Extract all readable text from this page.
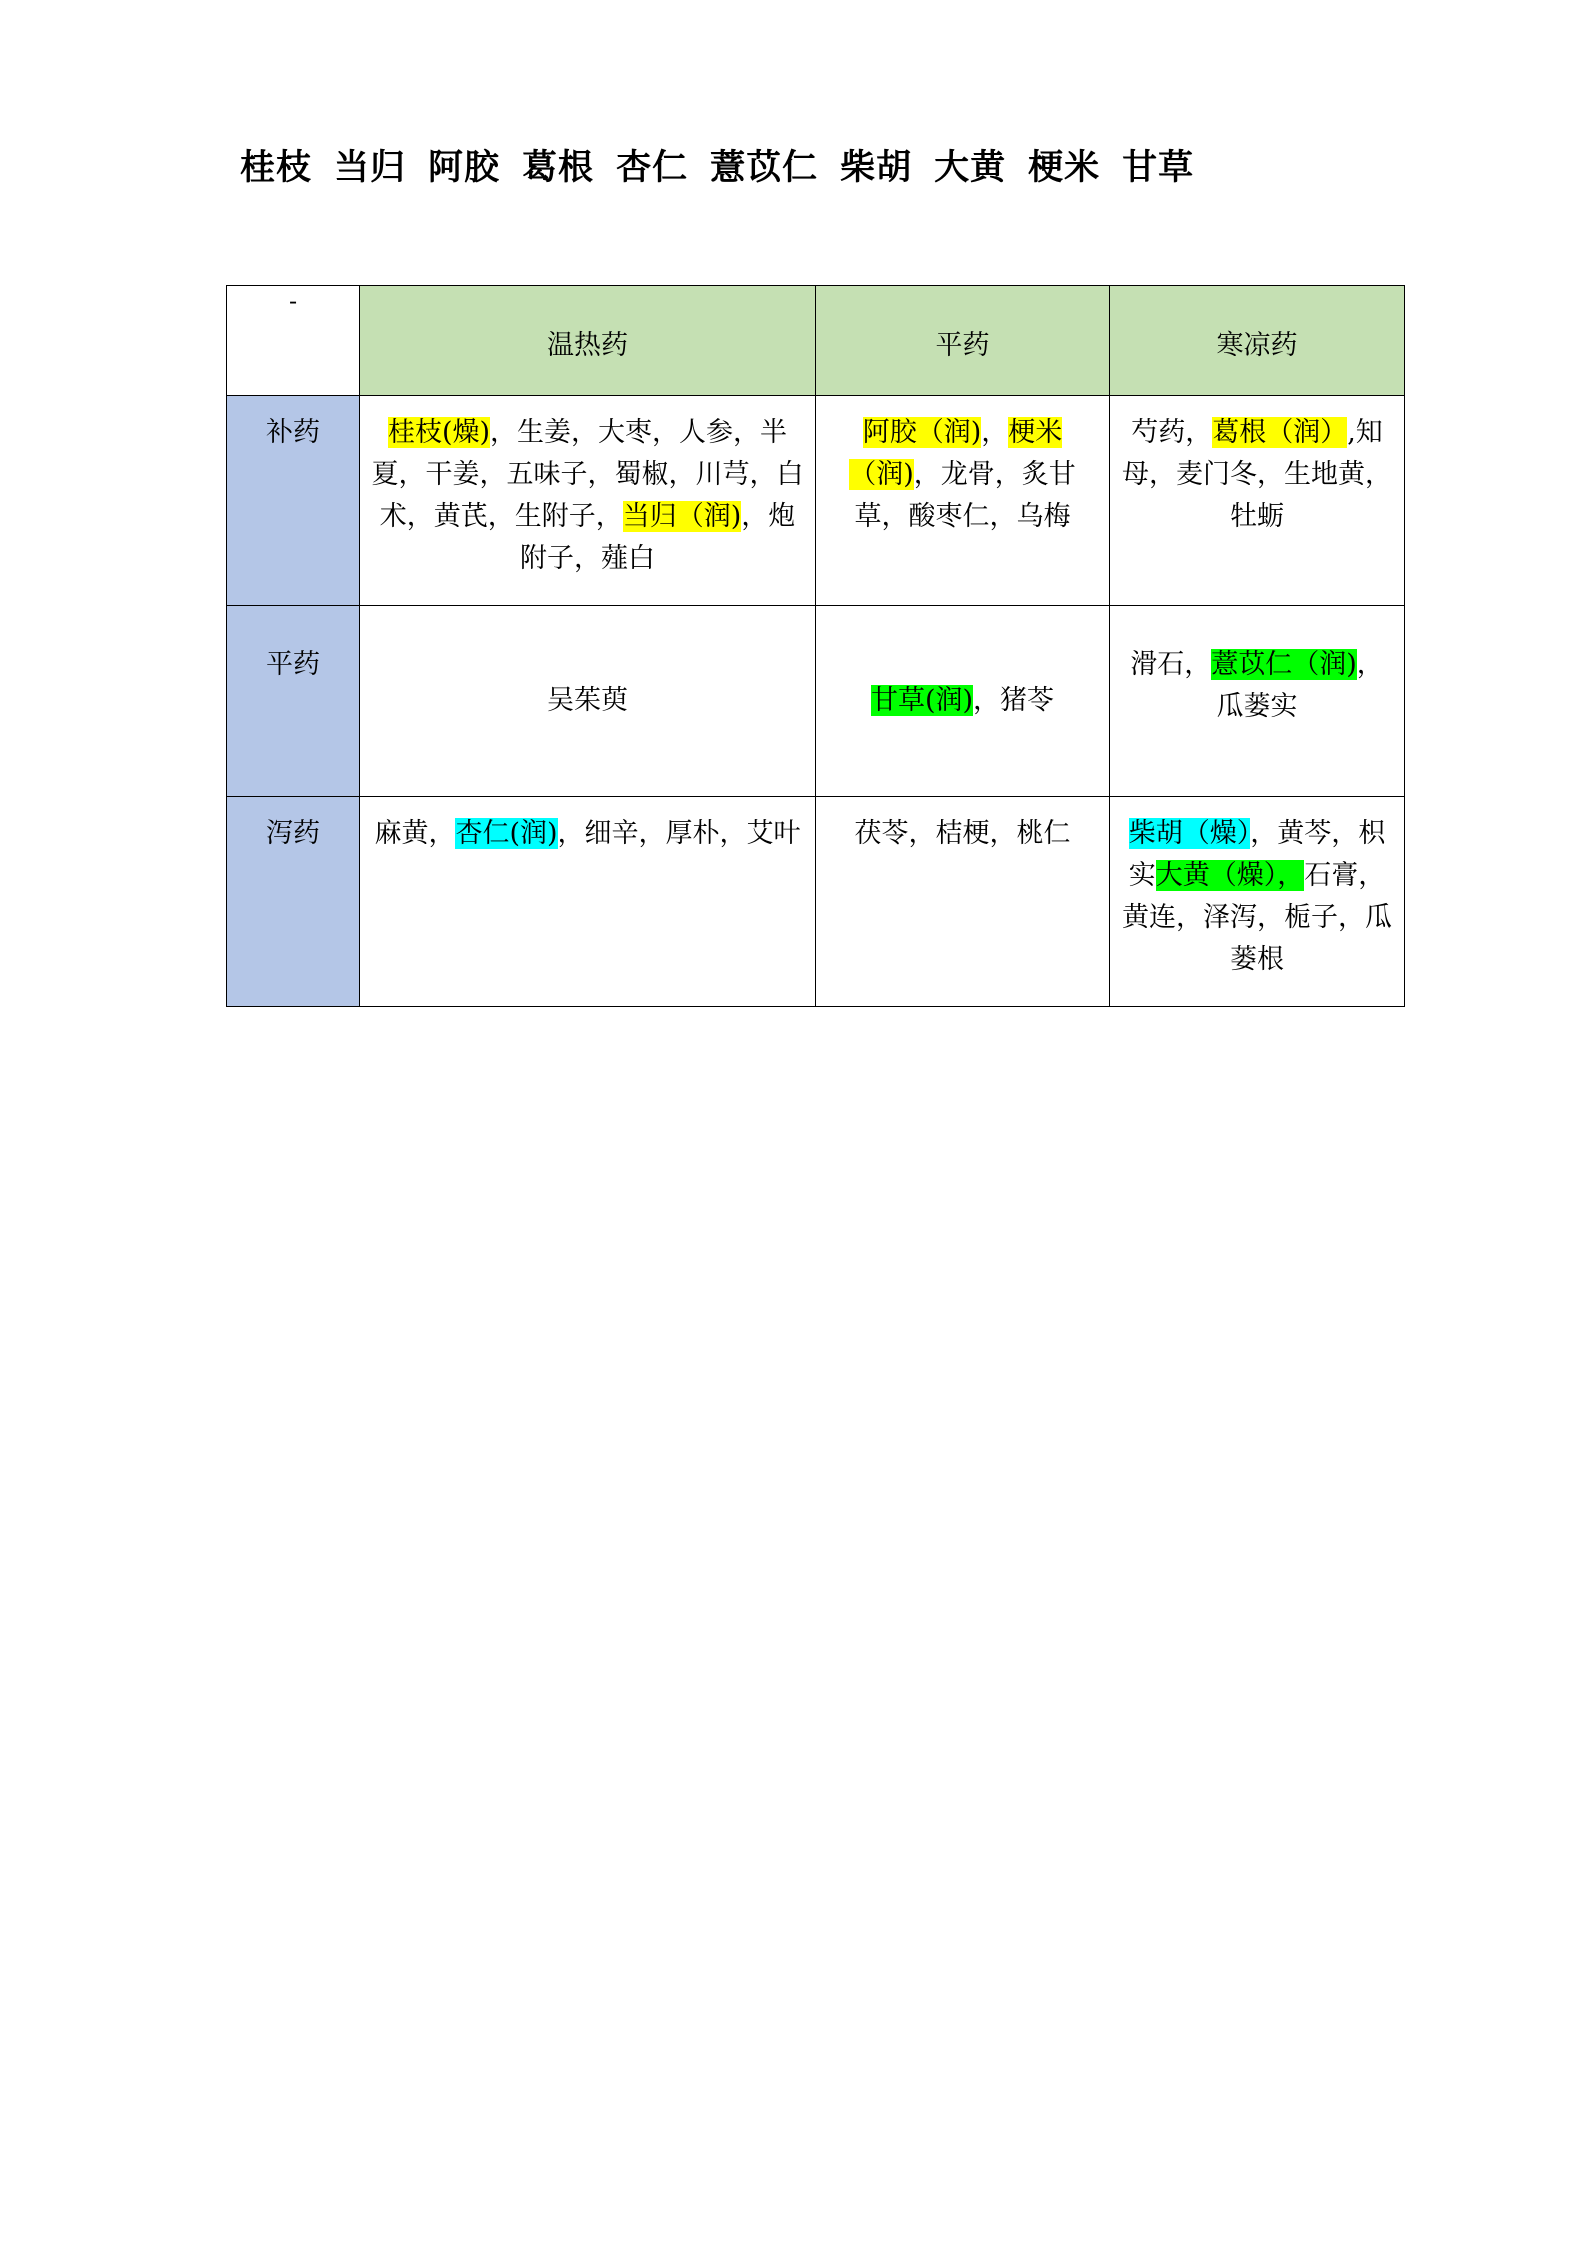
桂枝 当归 阿胶 葛根 杏仁 薏苡仁 柴胡 大黄 梗米 甘草
-	温热药	平药	寒凉药
补药	桂枝(燥)，生姜，大枣，人参，半夏，干姜，五味子，蜀椒，川芎，白术，黄芪，生附子，当归（润)，炮附子，薤白	阿胶（润)，梗米（润)，龙骨，炙甘草，酸枣仁，乌梅	芍药，葛根（润）,知母，麦门冬，生地黄，牡蛎
平药	吴茱萸	甘草(润)，猪苓	滑石，薏苡仁（润)，瓜蒌实
泻药	麻黄，杏仁(润)，细辛，厚朴，艾叶	茯苓，桔梗，桃仁	柴胡（燥），黄芩，枳实大黄（燥），石膏，黄连，泽泻，栀子，瓜蒌根
